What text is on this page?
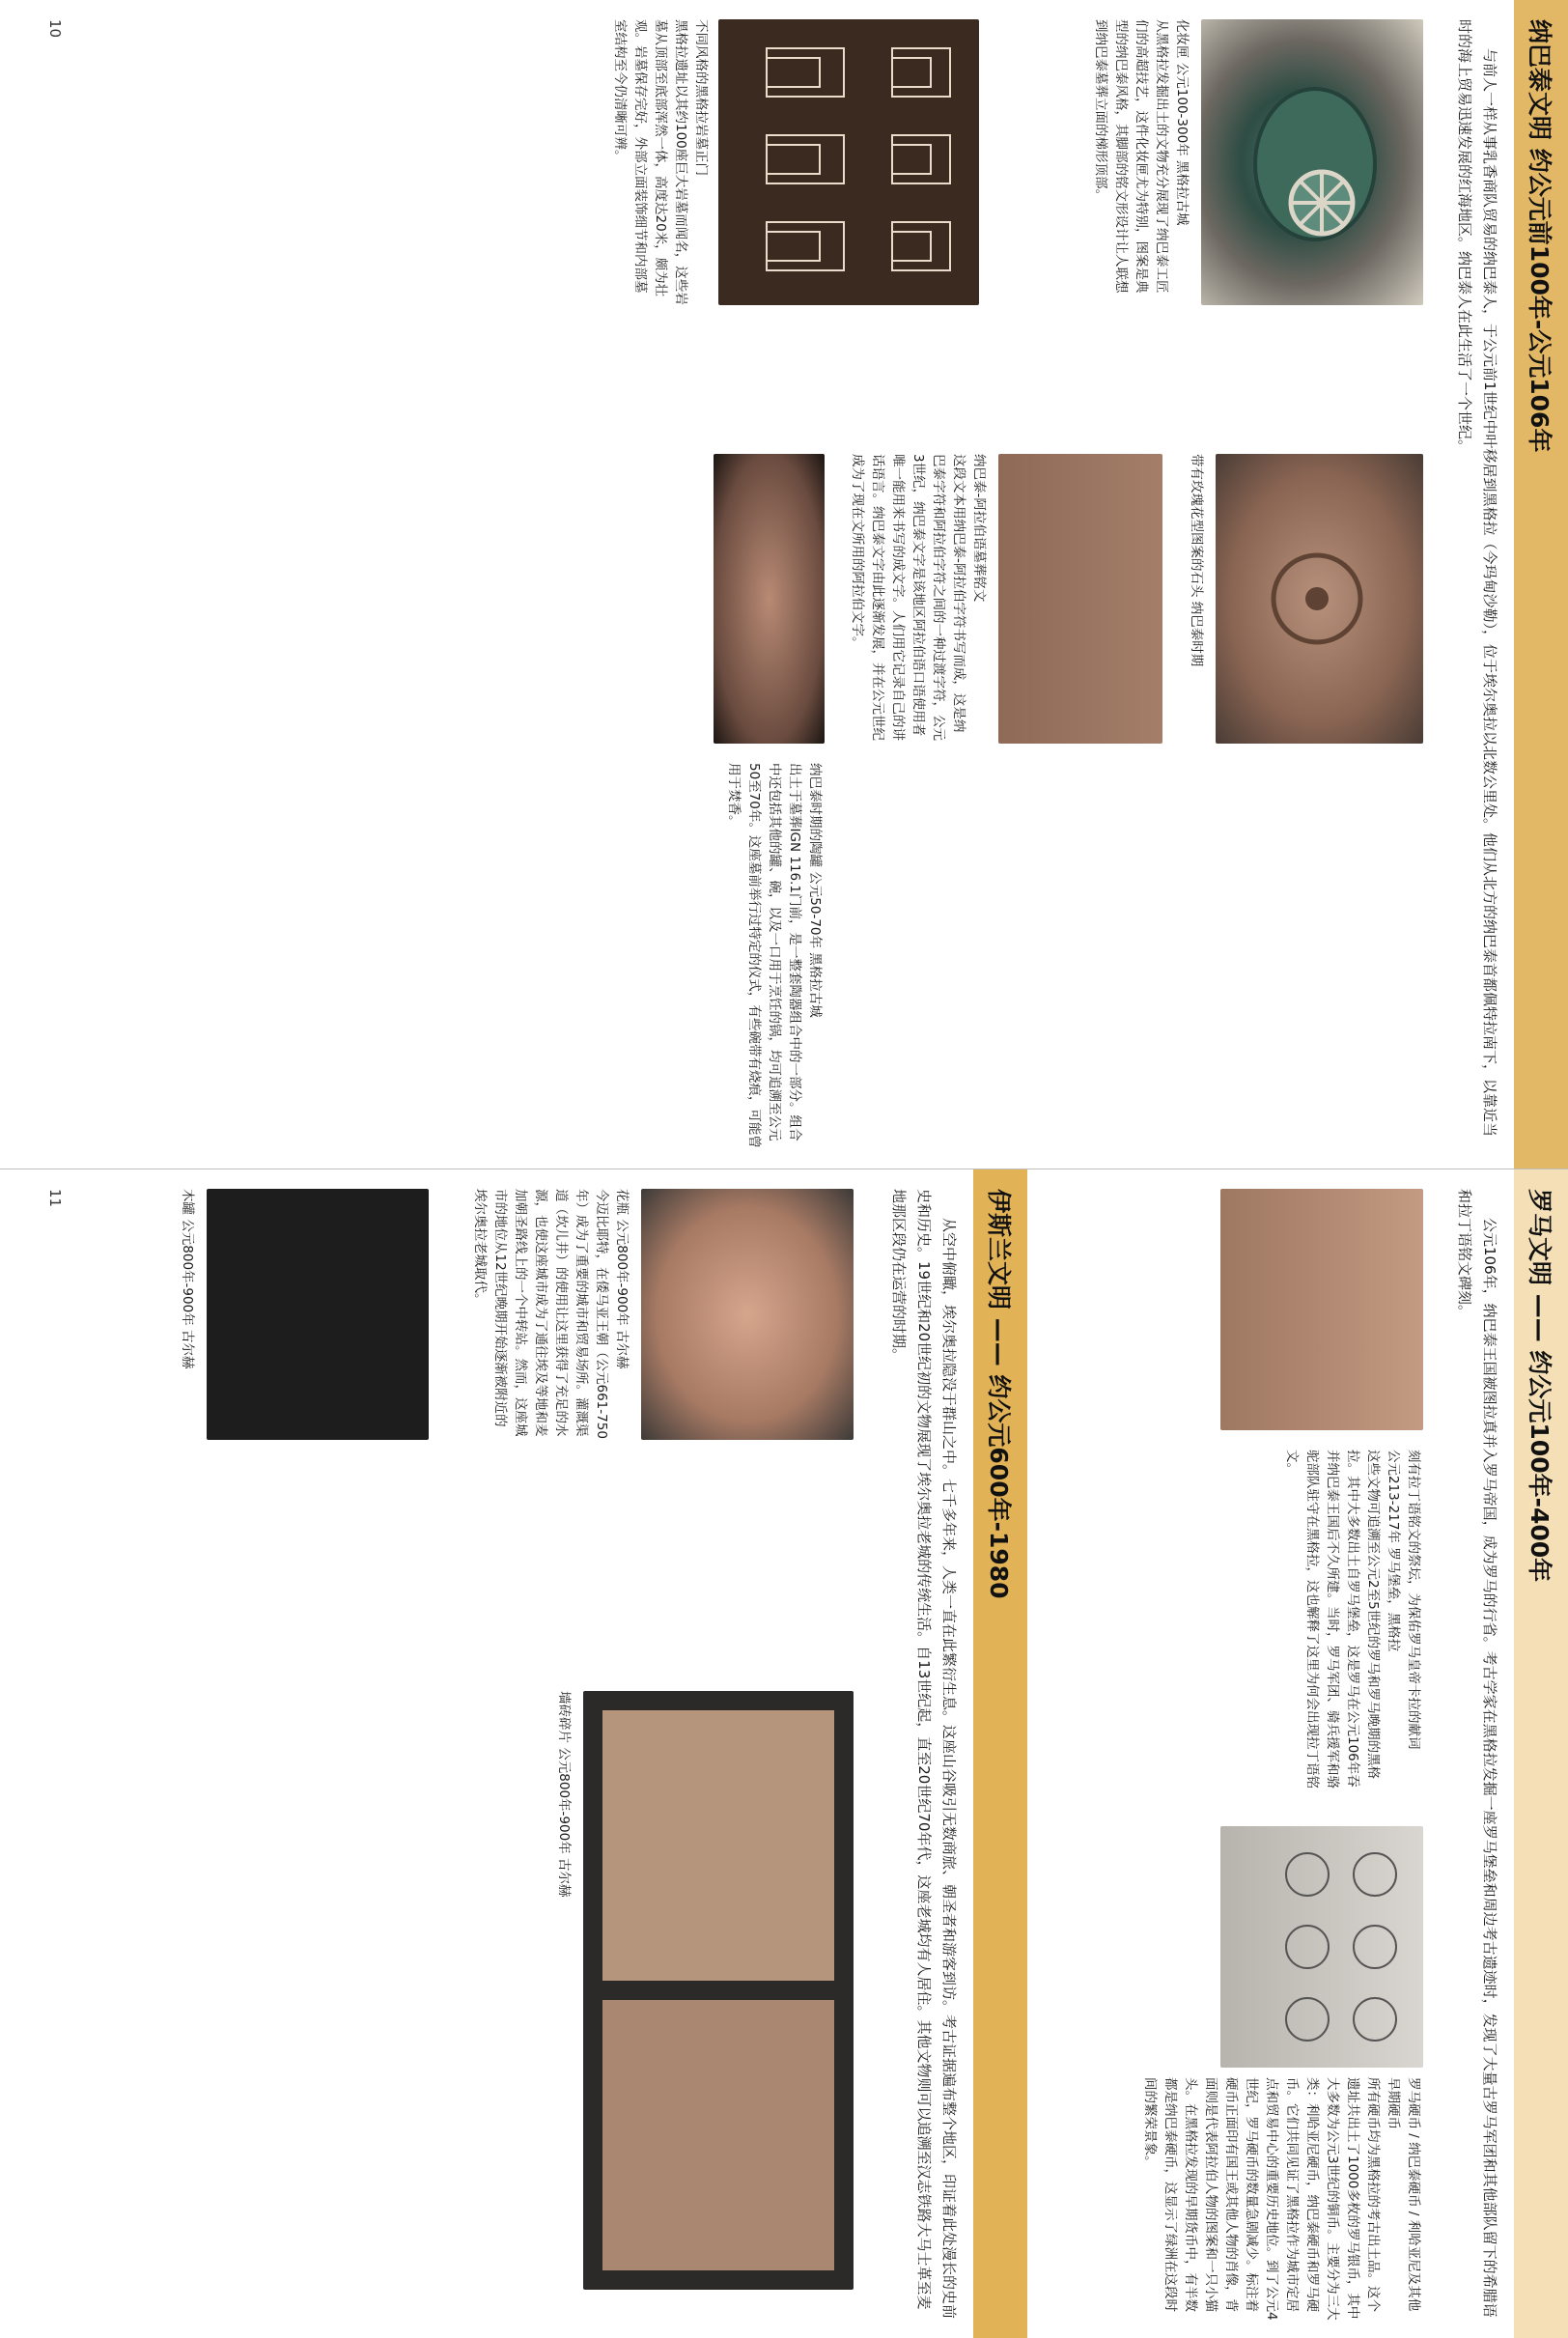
纳巴泰文明 约公元前100年-公元106年

与前人一样从事乳香商队贸易的纳巴泰人，于公元前1世纪中叶移居到黑格拉（今玛甸沙勒），位于埃尔奥拉以北数公里处。他们从北方的纳巴泰首都佩特拉南下，以靠近当时的海上贸易迅速发展的红海地区。纳巴泰人在此生活了一个世纪。

化妆匣 公元100-300年 黑格拉古城
从黑格拉发掘出土的文物充分展现了纳巴泰工匠们的高超技艺，这件化妆匣尤为特别，图案是典型的纳巴泰风格，其脚部的铭文形设计让人联想到纳巴泰墓葬立面的梯形顶部。

不同风格的黑格拉岩墓正门
黑格拉遗址以其约100座巨大岩墓而闻名，这些岩墓从顶部至底部浑然一体，高度达20米，颇为壮观。岩墓保存完好，外部立面装饰细节和内部墓室结构至今仍清晰可辨。

带有玫瑰花型图案的石头 纳巴泰时期

纳巴泰-阿拉伯语墓葬铭文
这段文本用纳巴泰-阿拉伯字符书写而成，这是纳巴泰字符和阿拉伯字符之间的一种过渡字符，公元3世纪，纳巴泰文字是该地区阿拉伯语口语使用者唯一能用来书写的成文字。人们用它记录自己的讲话语言。纳巴泰文字由此逐渐发展，并在公元世纪成为了现在文所用的阿拉伯文字。

纳巴泰时期的陶罐 公元50-70年 黑格拉古城
出土于墓葬IGN 116.1门前，是一整套陶器组合中的一部分。组合中还包括其他的罐、碗，以及一口用于烹饪的锅，均可追溯至公元50至70年。这座墓前举行过特定的仪式，有些碗带有烧痕，可能曾用于焚香。

10
罗马文明 —— 约公元100年-400年

公元106年，纳巴泰王国被图拉真并入罗马帝国，成为罗马的行省。考古学家在黑格拉发掘一座罗马堡垒和周边考古遗迹时，发现了大量古罗马军团和其他部队留下的希腊语和拉丁语铭文碑刻。

刻有拉丁语铭文的祭坛，为保佑罗马皇帝卡拉的献词
公元213-217年 罗马堡垒，黑格拉
这些文物可追溯至公元2至5世纪的罗马和罗马晚期的黑格拉。其中大多数出土自罗马堡垒，这是罗马在公元106年吞并纳巴泰王国后不久所建。当时，罗马军团、骑兵援军和骆驼部队驻守在黑格拉，这也解释了这里为何会出现拉丁语铭文。

罗马硬币 / 纳巴泰硬币 / 利哈亚尼及其他早期硬币
所有硬币均为黑格拉的考古出土品。这个遗址共出土了1000多枚的罗马银币，其中大多数为公元3世纪的铜币。主要分为三大类：利哈亚尼硬币，纳巴泰硬币和罗马硬币。它们共同见证了黑格拉作为城市定居点和贸易中心的重要历史地位。到了公元4世纪，罗马硬币的数量急剧减少。标注着硬币正面印有国王或其他人物的肖像，背面则是代表阿拉伯人物的图案和一只小猫头。在黑格拉发现的早期货币中，有半数都是纳巴泰硬币，这显示了绿洲在这段时间的繁荣景象。

伊斯兰文明 —— 约公元600年-1980

从空中俯瞰，埃尔奥拉隐没于群山之中。七千多年来，人类一直在此繁衍生息。这座山谷吸引无数商旅、朝圣者和游客到访。考古证据遍布整个地区，印证着此处漫长的史前史和历史。19世纪和20世纪初的文物展现了埃尔奥拉老城的传统生活。自13世纪起，直至20世纪70年代，这座老城均有人居住。其他文物则可以追溯至汉志铁路大马士革至麦地那区段仍在运营的时期。

花瓶 公元800年-900年 古尔赫
今迈比耶特，在倭马亚王朝（公元661-750年）成为了重要的城市和贸易场所。灌溉渠道（坎儿井）的使用让这里获得了充足的水源，也使这座城市成为了通往埃及等地和麦加朝圣路线上的一个中转站。然而，这座城市的地位从12世纪晚期开始逐渐被附近的埃尔奥拉老城取代。

木罐 公元800年-900年 古尔赫

墙砖碎片 公元800年-900年 古尔赫

11
